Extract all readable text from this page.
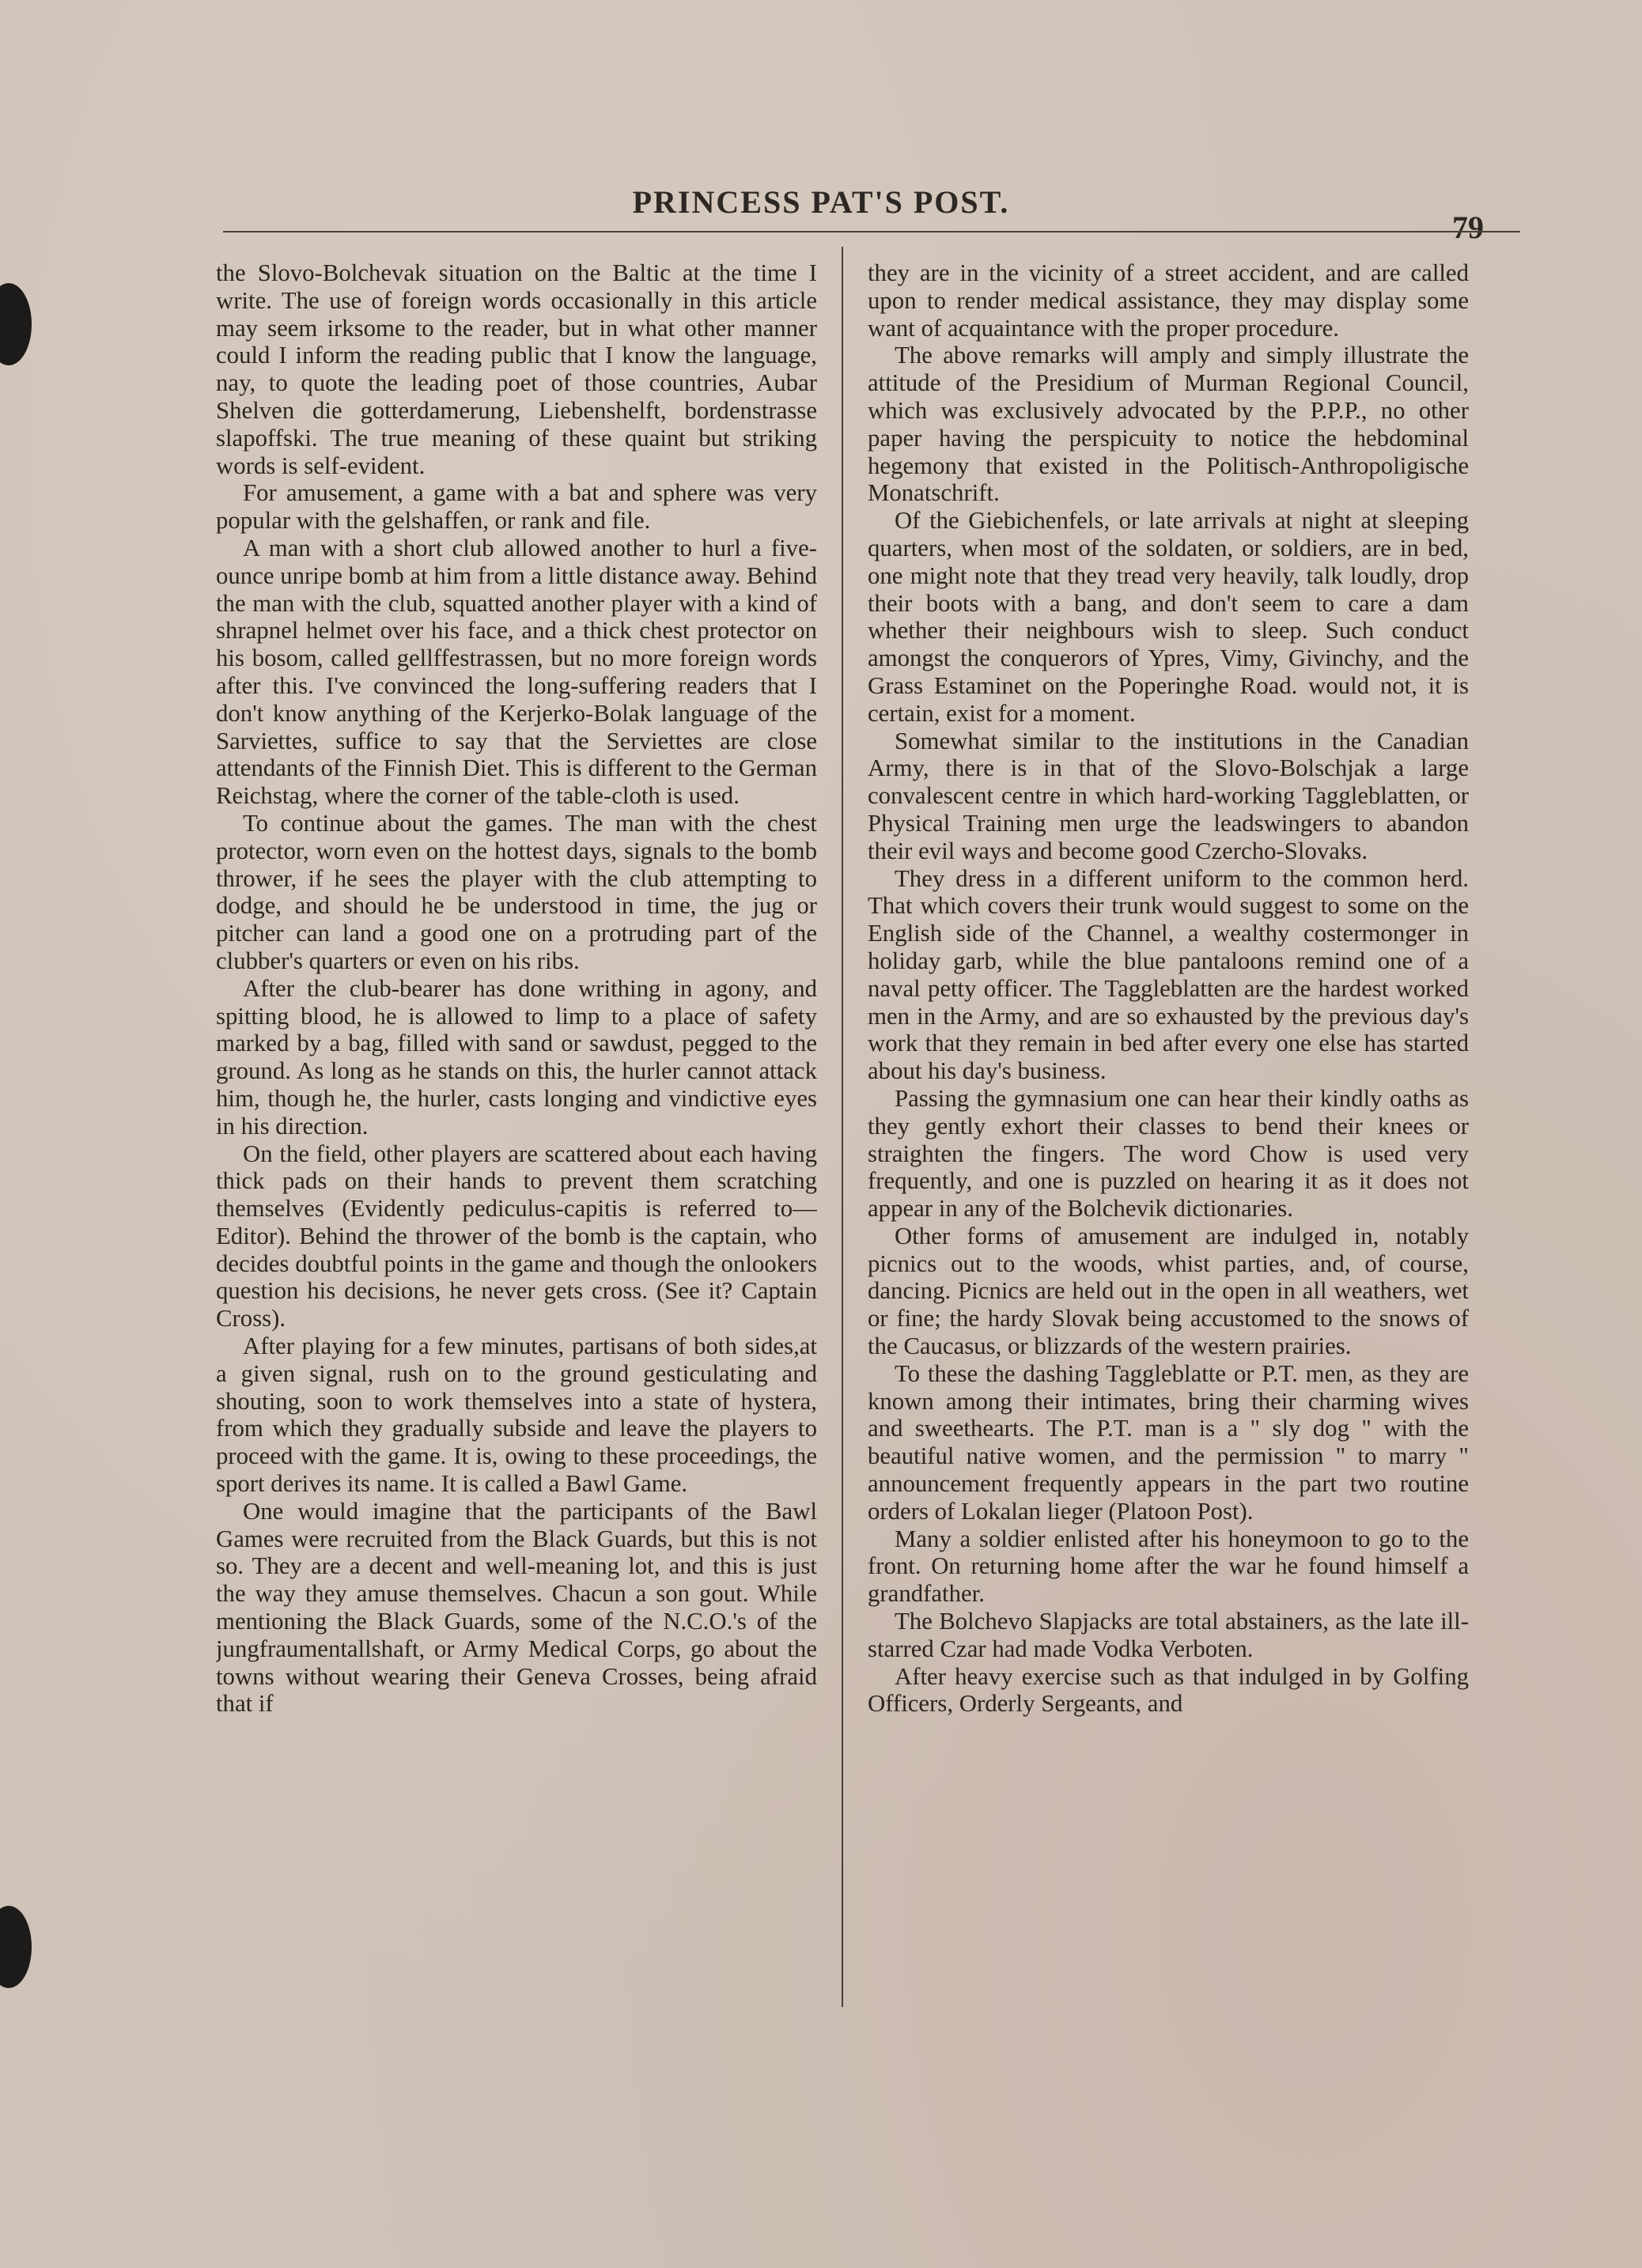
PRINCESS PAT'S POST.
79

the Slovo-Bolchevak situation on the Baltic at the time I write. The use of foreign words occasionally in this article may seem irksome to the reader, but in what other manner could I inform the reading public that I know the language, nay, to quote the leading poet of those countries, Aubar Shelven die gotterdamerung, Liebenshelft, bordenstrasse slapoffski. The true meaning of these quaint but striking words is self-evident.

For amusement, a game with a bat and sphere was very popular with the gelshaffen, or rank and file.

A man with a short club allowed another to hurl a five-ounce unripe bomb at him from a little distance away. Behind the man with the club, squatted another player with a kind of shrapnel helmet over his face, and a thick chest protector on his bosom, called gellffestrassen, but no more foreign words after this. I've convinced the long-suffering readers that I don't know anything of the Kerjerko-Bolak language of the Sarviettes, suffice to say that the Serviettes are close attendants of the Finnish Diet. This is different to the German Reichstag, where the corner of the table-cloth is used.

To continue about the games. The man with the chest protector, worn even on the hottest days, signals to the bomb thrower, if he sees the player with the club attempting to dodge, and should he be understood in time, the jug or pitcher can land a good one on a protruding part of the clubber's quarters or even on his ribs.

After the club-bearer has done writhing in agony, and spitting blood, he is allowed to limp to a place of safety marked by a bag, filled with sand or sawdust, pegged to the ground. As long as he stands on this, the hurler cannot attack him, though he, the hurler, casts longing and vindictive eyes in his direction.

On the field, other players are scattered about each having thick pads on their hands to prevent them scratching themselves (Evidently pediculus-capitis is referred to—Editor). Behind the thrower of the bomb is the captain, who decides doubtful points in the game and though the onlookers question his decisions, he never gets cross. (See it? Captain Cross).

After playing for a few minutes, partisans of both sides,at a given signal, rush on to the ground gesticulating and shouting, soon to work themselves into a state of hystera, from which they gradually subside and leave the players to proceed with the game. It is, owing to these proceedings, the sport derives its name. It is called a Bawl Game.

One would imagine that the participants of the Bawl Games were recruited from the Black Guards, but this is not so. They are a decent and well-meaning lot, and this is just the way they amuse themselves. Chacun a son gout. While mentioning the Black Guards, some of the N.C.O.'s of the jungfraumentallshaft, or Army Medical Corps, go about the towns without wearing their Geneva Crosses, being afraid that if

they are in the vicinity of a street accident, and are called upon to render medical assistance, they may display some want of acquaintance with the proper procedure.

The above remarks will amply and simply illustrate the attitude of the Presidium of Murman Regional Council, which was exclusively advocated by the P.P.P., no other paper having the perspicuity to notice the hebdominal hegemony that existed in the Politisch-Anthropoligische Monatschrift.

Of the Giebichenfels, or late arrivals at night at sleeping quarters, when most of the soldaten, or soldiers, are in bed, one might note that they tread very heavily, talk loudly, drop their boots with a bang, and don't seem to care a dam whether their neighbours wish to sleep. Such conduct amongst the conquerors of Ypres, Vimy, Givinchy, and the Grass Estaminet on the Poperinghe Road. would not, it is certain, exist for a moment.

Somewhat similar to the institutions in the Canadian Army, there is in that of the Slovo-Bolschjak a large convalescent centre in which hard-working Taggleblatten, or Physical Training men urge the leadswingers to abandon their evil ways and become good Czercho-Slovaks.

They dress in a different uniform to the common herd. That which covers their trunk would suggest to some on the English side of the Channel, a wealthy costermonger in holiday garb, while the blue pantaloons remind one of a naval petty officer. The Taggleblatten are the hardest worked men in the Army, and are so exhausted by the previous day's work that they remain in bed after every one else has started about his day's business.

Passing the gymnasium one can hear their kindly oaths as they gently exhort their classes to bend their knees or straighten the fingers. The word Chow is used very frequently, and one is puzzled on hearing it as it does not appear in any of the Bolchevik dictionaries.

Other forms of amusement are indulged in, notably picnics out to the woods, whist parties, and, of course, dancing. Picnics are held out in the open in all weathers, wet or fine; the hardy Slovak being accustomed to the snows of the Caucasus, or blizzards of the western prairies.

To these the dashing Taggleblatte or P.T. men, as they are known among their intimates, bring their charming wives and sweethearts. The P.T. man is a " sly dog " with the beautiful native women, and the permission " to marry " announcement frequently appears in the part two routine orders of Lokalan lieger (Platoon Post).

Many a soldier enlisted after his honeymoon to go to the front. On returning home after the war he found himself a grandfather.

The Bolchevo Slapjacks are total abstainers, as the late ill-starred Czar had made Vodka Verboten.

After heavy exercise such as that indulged in by Golfing Officers, Orderly Sergeants, and
